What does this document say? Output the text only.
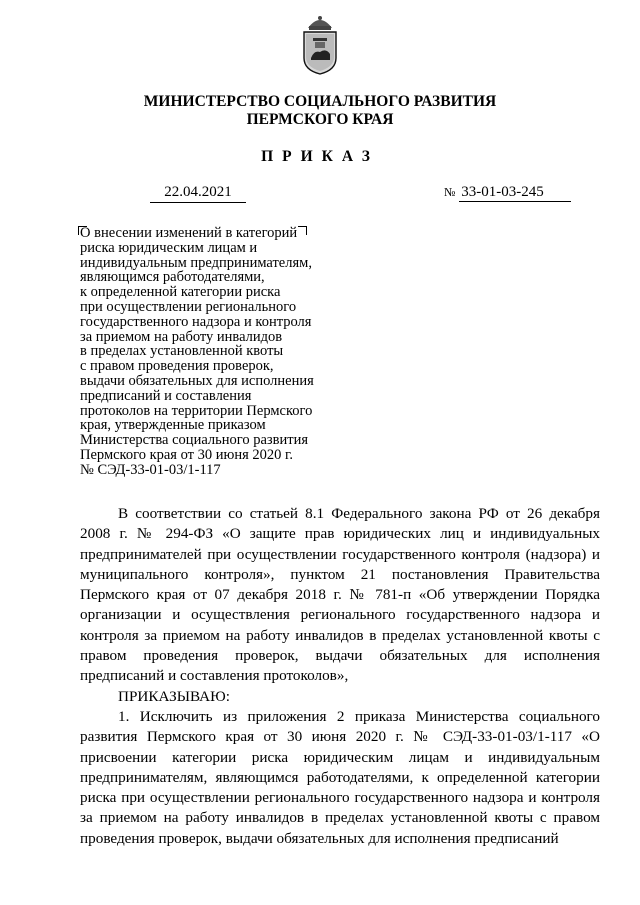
МИНИСТЕРСТВО СОЦИАЛЬНОГО РАЗВИТИЯ
ПЕРМСКОГО КРАЯ
ПРИКАЗ
22.04.2021	№ 33-01-03-245
О внесении изменений в категорий
риска юридическим лицам и
индивидуальным предпринимателям,
являющимся работодателями,
к определенной категории риска
при осуществлении регионального
государственного надзора и контроля
за приемом на работу инвалидов
в пределах установленной квоты
с правом проведения проверок,
выдачи обязательных для исполнения
предписаний и составления
протоколов на территории Пермского
края, утвержденные приказом
Министерства социального развития
Пермского края от 30 июня 2020 г.
№ СЭД-33-01-03/1-117

В соответствии со статьей 8.1 Федерального закона РФ от 26 декабря 2008 г. № 294-ФЗ «О защите прав юридических лиц и индивидуальных предпринимателей при осуществлении государственного контроля (надзора) и муниципального контроля», пунктом 21 постановления Правительства Пермского края от 07 декабря 2018 г. № 781-п «Об утверждении Порядка организации и осуществления регионального государственного надзора и контроля за приемом на работу инвалидов в пределах установленной квоты с правом проведения проверок, выдачи обязательных для исполнения предписаний и составления протоколов»,

ПРИКАЗЫВАЮ:

1. Исключить из приложения 2 приказа Министерства социального развития Пермского края от 30 июня 2020 г. № СЭД-33-01-03/1-117 «О присвоении категории риска юридическим лицам и индивидуальным предпринимателям, являющимся работодателями, к определенной категории риска при осуществлении регионального государственного надзора и контроля за приемом на работу инвалидов в пределах установленной квоты с правом проведения проверок, выдачи обязательных для исполнения предписаний
